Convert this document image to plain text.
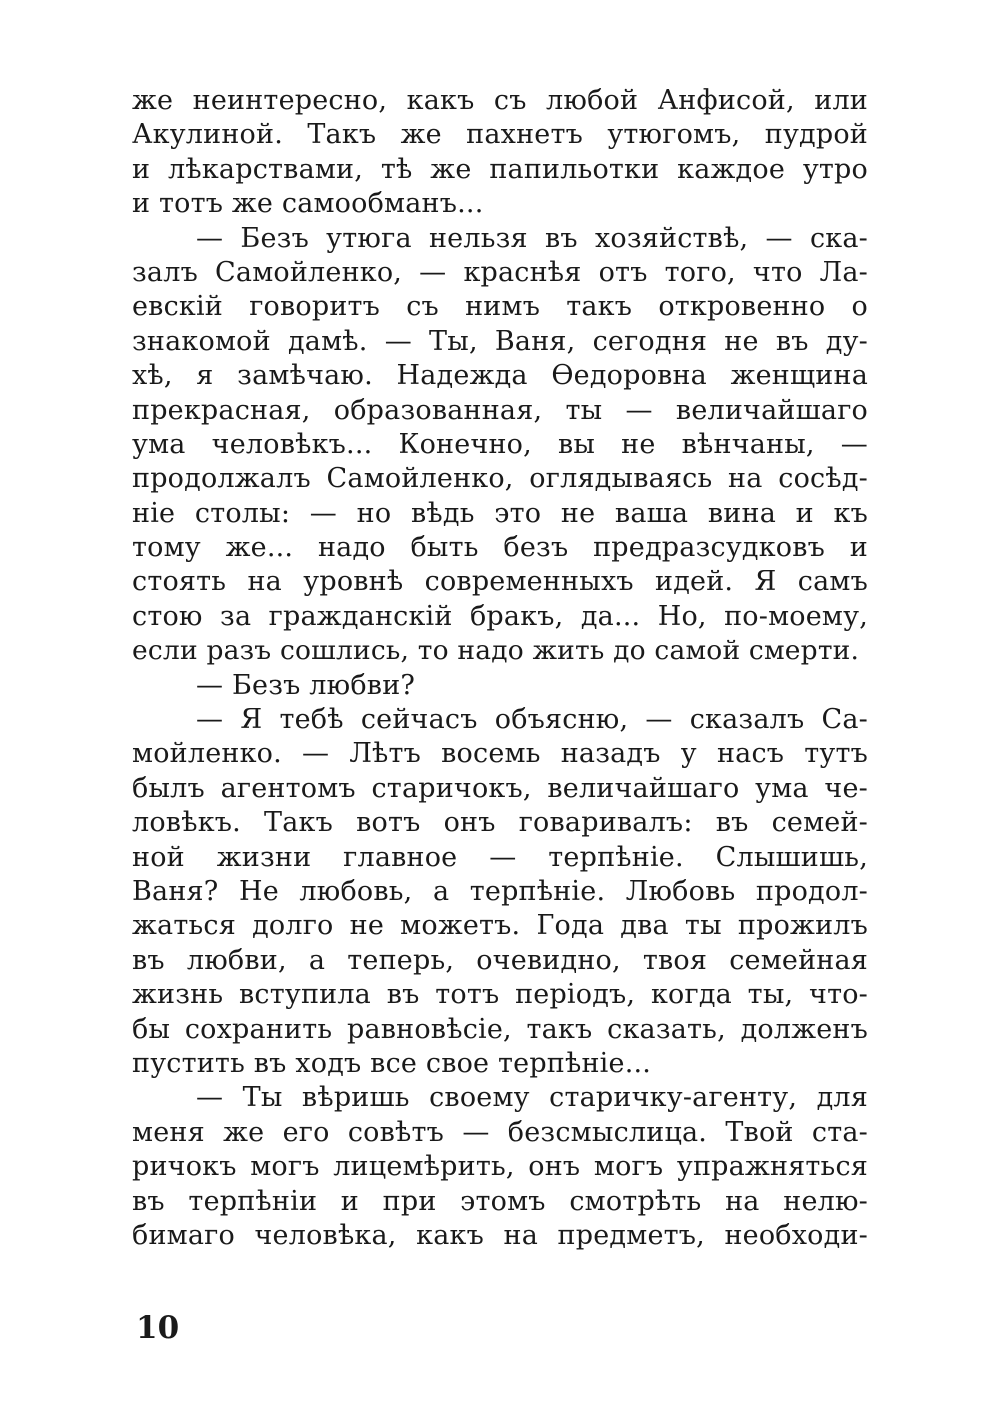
же неинтересно, какъ съ любой Анфисой, или
Акулиной. Такъ же пахнетъ утюгомъ, пудрой
и лѣкарствами, тѣ же папильотки каждое утро
и тотъ же самообманъ...
— Безъ утюга нельзя въ хозяйствѣ, — ска-
залъ Самойленко, — краснѣя отъ того, что Ла-
евскій говоритъ съ нимъ такъ откровенно о
знакомой дамѣ. — Ты, Ваня, сегодня не въ ду-
хѣ, я замѣчаю. Надежда Ѳедоровна женщина
прекрасная, образованная, ты — величайшаго
ума человѣкъ... Конечно, вы не вѣнчаны, —
продолжалъ Самойленко, оглядываясь на сосѣд-
ніе столы: — но вѣдь это не ваша вина и къ
тому же... надо быть безъ предразсудковъ и
стоять на уровнѣ современныхъ идей. Я самъ
стою за гражданскій бракъ, да... Но, по-моему,
если разъ сошлись, то надо жить до самой смерти.
— Безъ любви?
— Я тебѣ сейчасъ объясню, — сказалъ Са-
мойленко. — Лѣтъ восемь назадъ у насъ тутъ
былъ агентомъ старичокъ, величайшаго ума че-
ловѣкъ. Такъ вотъ онъ говаривалъ: въ семей-
ной жизни главное — терпѣніе. Слышишь,
Ваня? Не любовь, а терпѣніе. Любовь продол-
жаться долго не можетъ. Года два ты прожилъ
въ любви, а теперь, очевидно, твоя семейная
жизнь вступила въ тотъ періодъ, когда ты, что-
бы сохранить равновѣсіе, такъ сказать, долженъ
пустить въ ходъ все свое терпѣніе...
— Ты вѣришь своему старичку-агенту, для
меня же его совѣтъ — безсмыслица. Твой ста-
ричокъ могъ лицемѣрить, онъ могъ упражняться
въ терпѣніи и при этомъ смотрѣть на нелю-
бимаго человѣка, какъ на предметъ, необходи-
10
